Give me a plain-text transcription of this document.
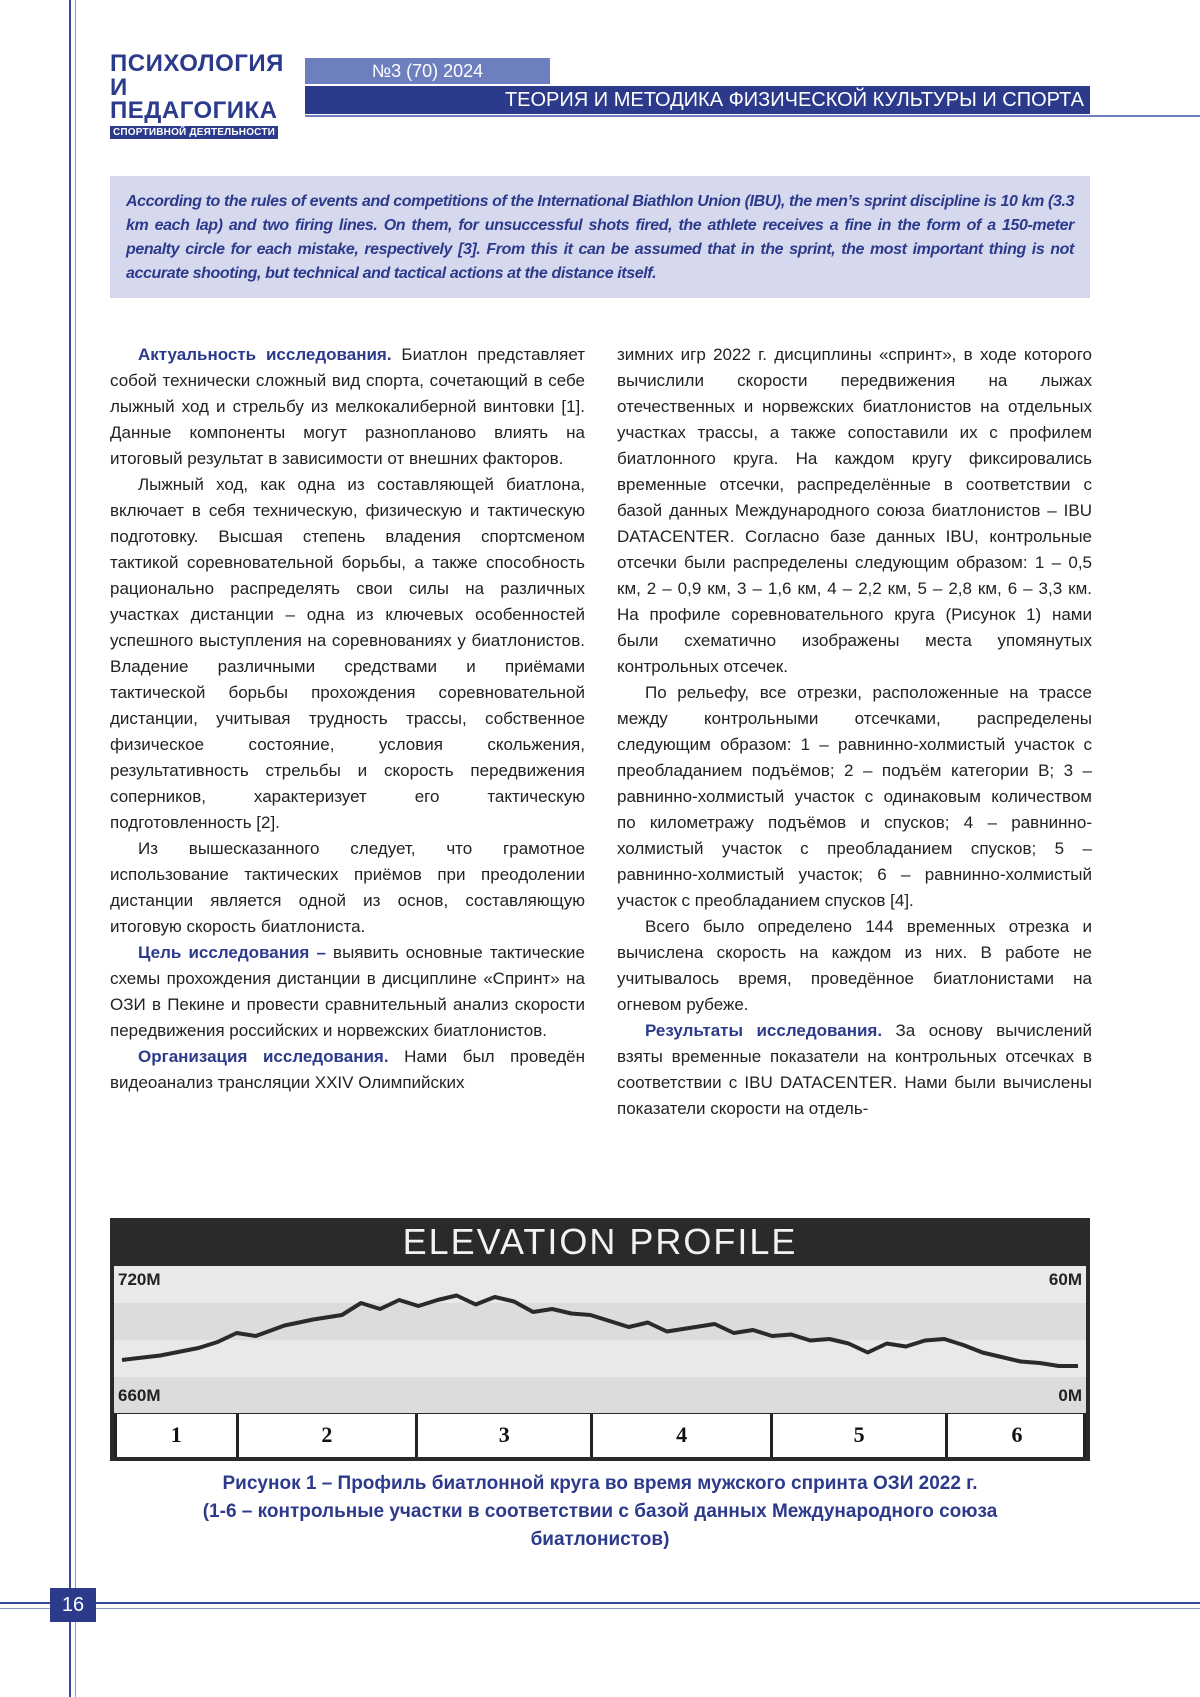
ПСИХОЛОГИЯ
И ПЕДАГОГИКА
СПОРТИВНОЙ ДЕЯТЕЛЬНОСТИ
№3 (70) 2024
ТЕОРИЯ И МЕТОДИКА ФИЗИЧЕСКОЙ КУЛЬТУРЫ И СПОРТА
According to the rules of events and competitions of the International Biathlon Union (IBU), the men’s sprint discipline is 10 km (3.3 km each lap) and two firing lines. On them, for unsuccessful shots fired, the athlete receives a fine in the form of a 150-meter penalty circle for each mistake, respectively [3]. From this it can be assumed that in the sprint, the most important thing is not accurate shooting, but technical and tactical actions at the distance itself.

Актуальность исследования. Биатлон представляет собой технически сложный вид спорта, сочетающий в себе лыжный ход и стрельбу из мелкокалиберной винтовки [1]. Данные компоненты могут разнопланово влиять на итоговый результат в зависимости от внешних факторов.

Лыжный ход, как одна из составляющей биатлона, включает в себя техническую, физическую и тактическую подготовку. Высшая степень владения спортсменом тактикой соревновательной борьбы, а также способность рационально распределять свои силы на различных участках дистанции – одна из ключевых особенностей успешного выступления на соревнованиях у биатлонистов. Владение различными средствами и приёмами тактической борьбы прохождения соревновательной дистанции, учитывая трудность трассы, собственное физическое состояние, условия скольжения, результативность стрельбы и скорость передвижения соперников, характеризует его тактическую подготовленность [2].

Из вышесказанного следует, что грамотное использование тактических приёмов при преодолении дистанции является одной из основ, составляющую итоговую скорость биатлониста.

Цель исследования – выявить основные тактические схемы прохождения дистанции в дисциплине «Спринт» на ОЗИ в Пекине и провести сравнительный анализ скорости передвижения российских и норвежских биатлонистов.

Организация исследования. Нами был проведён видеоанализ трансляции XXIV Олимпийских

зимних игр 2022 г. дисциплины «спринт», в ходе которого вычислили скорости передвижения на лыжах отечественных и норвежских биатлонистов на отдельных участках трассы, а также сопоставили их с профилем биатлонного круга. На каждом кругу фиксировались временные отсечки, распределённые в соответствии с базой данных Международного союза биатлонистов – IBU DATACENTER. Согласно базе данных IBU, контрольные отсечки были распределены следующим образом: 1 – 0,5 км, 2 – 0,9 км, 3 – 1,6 км, 4 – 2,2 км, 5 – 2,8 км, 6 – 3,3 км. На профиле соревновательного круга (Рисунок 1) нами были схематично изображены места упомянутых контрольных отсечек.

По рельефу, все отрезки, расположенные на трассе между контрольными отсечками, распределены следующим образом: 1 – равнинно-холмистый участок с преобладанием подъёмов; 2 – подъём категории B; 3 – равнинно-холмистый участок с одинаковым количеством по километражу подъёмов и спусков; 4 – равнинно-холмистый участок с преобладанием спусков; 5 – равнинно-холмистый участок; 6 – равнинно-холмистый участок с преобладанием спусков [4].

Всего было определено 144 временных отрезка и вычислена скорость на каждом из них. В работе не учитывалось время, проведённое биатлонистами на огневом рубеже.

Результаты исследования. За основу вычислений взяты временные показатели на контрольных отсечках в соответствии с IBU DATACENTER. Нами были вычислены показатели скорости на отдель-

ELEVATION PROFILE
720M
660M
60M
0M
1	2	3	4	5	6
Рисунок 1 – Профиль биатлонной круга во время мужского спринта ОЗИ 2022 г.
(1-6 – контрольные участки в соответствии с базой данных Международного союза
биатлонистов)
16
